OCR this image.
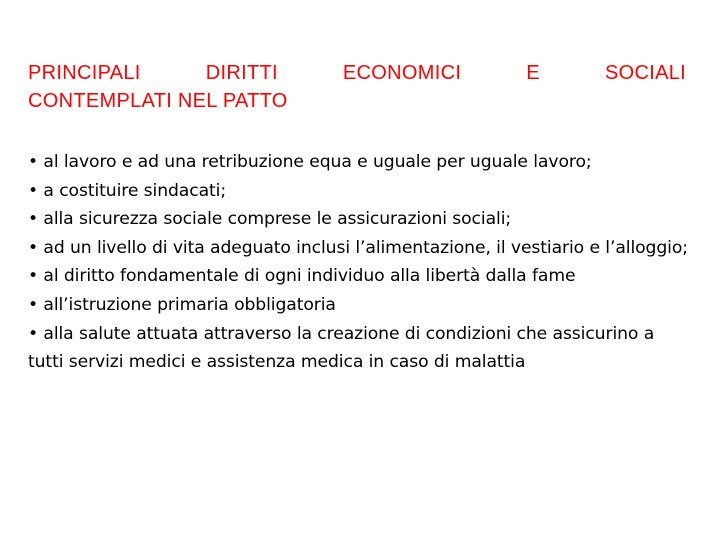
PRINCIPALI DIRITTI ECONOMICI E SOCIALI
CONTEMPLATI NEL PATTO
• al lavoro e ad una retribuzione equa e uguale per uguale lavoro;
• a costituire sindacati;
• alla sicurezza sociale comprese le assicurazioni sociali;
• ad un livello di vita adeguato inclusi l’alimentazione, il vestiario e l’alloggio;
• al diritto fondamentale di ogni individuo alla libertà dalla fame
• all’istruzione primaria obbligatoria
• alla salute attuata attraverso la creazione di condizioni che assicurino a tutti servizi medici e assistenza medica in caso di malattia
